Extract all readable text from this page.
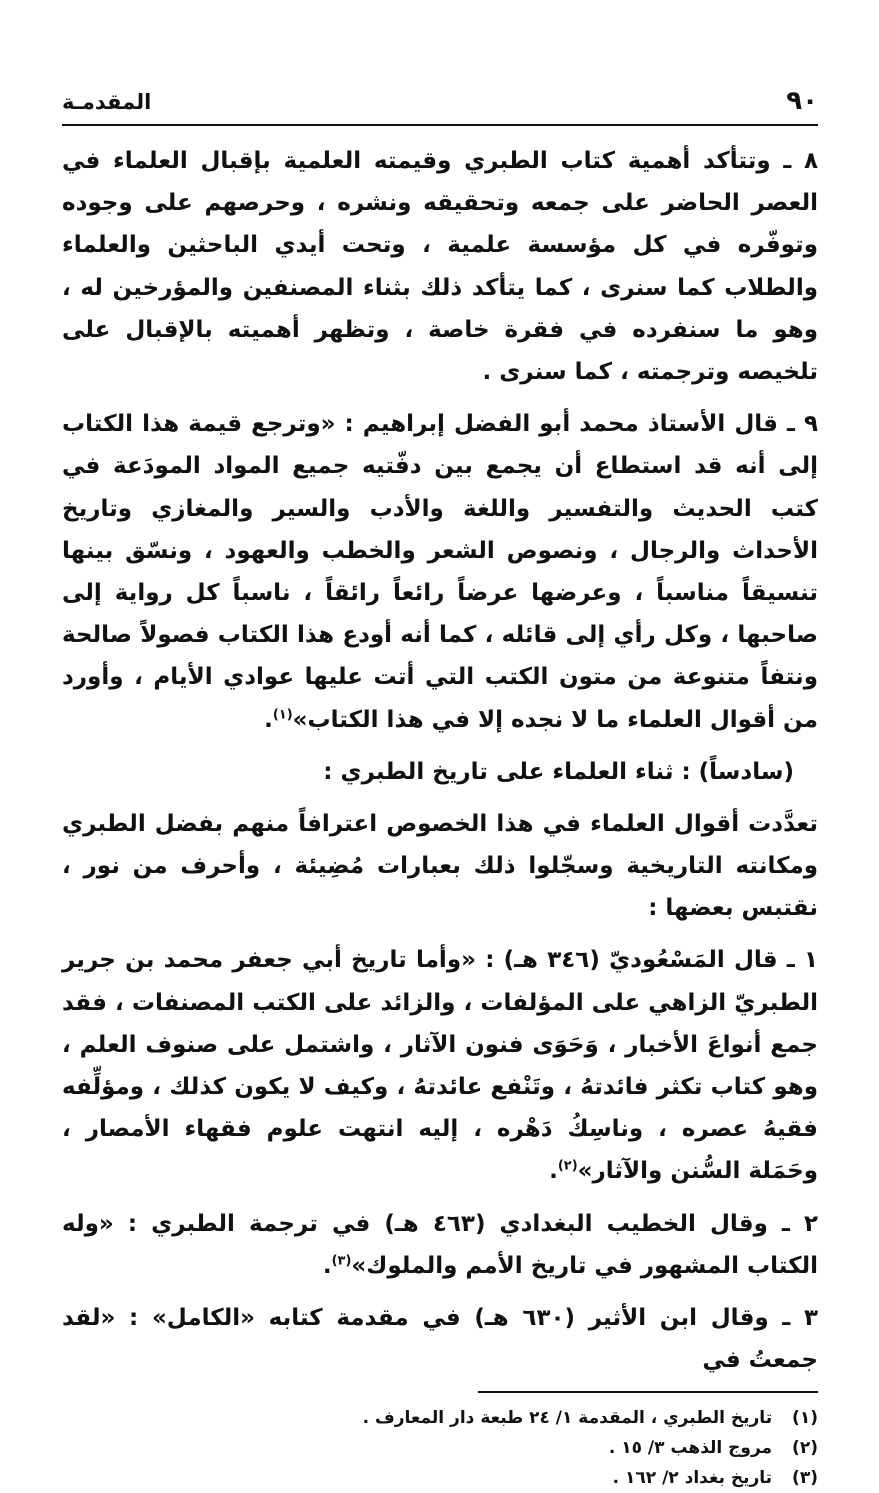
٩٠
المقدمـة

٨ ـ وتتأكد أهمية كتاب الطبري وقيمته العلمية بإقبال العلماء في العصر الحاضر على جمعه وتحقيقه ونشره ، وحرصهم على وجوده وتوفّره في كل مؤسسة علمية ، وتحت أيدي الباحثين والعلماء والطلاب كما سنرى ، كما يتأكد ذلك بثناء المصنفين والمؤرخين له ، وهو ما سنفرده في فقرة خاصة ، وتظهر أهميته بالإقبال على تلخيصه وترجمته ، كما سنرى .

٩ ـ قال الأستاذ محمد أبو الفضل إبراهيم : «وترجع قيمة هذا الكتاب إلى أنه قد استطاع أن يجمع بين دفّتيه جميع المواد المودَعة في كتب الحديث والتفسير واللغة والأدب والسير والمغازي وتاريخ الأحداث والرجال ، ونصوص الشعر والخطب والعهود ، ونسّق بينها تنسيقاً مناسباً ، وعرضها عرضاً رائعاً رائقاً ، ناسباً كل رواية إلى صاحبها ، وكل رأي إلى قائله ، كما أنه أودع هذا الكتاب فصولاً صالحة ونتفاً متنوعة من متون الكتب التي أتت عليها عوادي الأيام ، وأورد من أقوال العلماء ما لا نجده إلا في هذا الكتاب»$^{(١)}$.

(سادساً) : ثناء العلماء على تاريخ الطبري :

تعدَّدت أقوال العلماء في هذا الخصوص اعترافاً منهم بفضل الطبري ومكانته التاريخية وسجّلوا ذلك بعبارات مُضِيئة ، وأحرف من نور ، نقتبس بعضها :

١ ـ قال المَسْعُوديّ (٣٤٦ هـ) : «وأما تاريخ أبي جعفر محمد بن جرير الطبريّ الزاهي على المؤلفات ، والزائد على الكتب المصنفات ، فقد جمع أنواعَ الأخبار ، وَحَوَى فنون الآثار ، واشتمل على صنوف العلم ، وهو كتاب تكثر فائدتهُ ، وتَنْفع عائدتهُ ، وكيف لا يكون كذلك ، ومؤلِّفه فقيهُ عصره ، وناسِكُ دَهْره ، إليه انتهت علوم فقهاء الأمصار ، وحَمَلة السُّنن والآثار»$^{(٢)}$.

٢ ـ وقال الخطيب البغدادي (٤٦٣ هـ) في ترجمة الطبري : «وله الكتاب المشهور في تاريخ الأمم والملوك»$^{(٣)}$.

٣ ـ وقال ابن الأثير (٦٣٠ هـ) في مقدمة كتابه «الكامل» : «لقد جمعتُ في

(١) تاريخ الطبري ، المقدمة ١/ ٢٤ طبعة دار المعارف .
(٢) مروج الذهب ٣/ ١٥ .
(٣) تاريخ بغداد ٢/ ١٦٢ .
